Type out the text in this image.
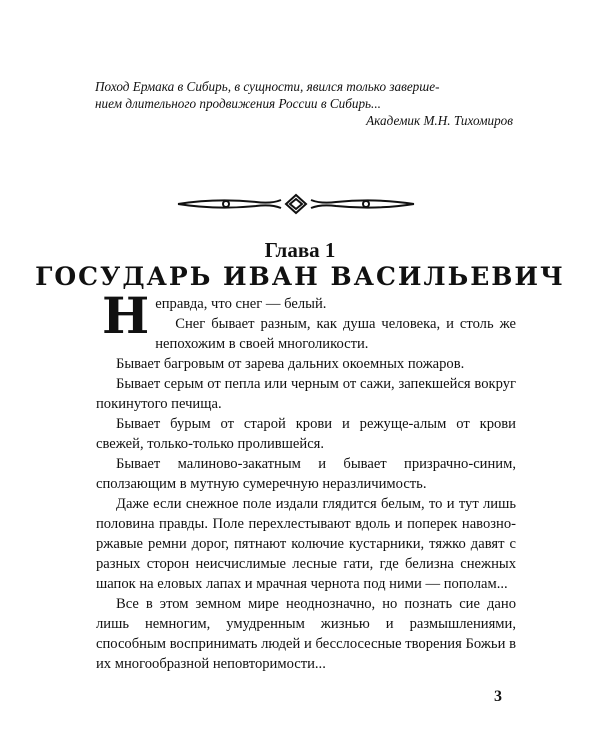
Поход Ермака в Сибирь, в сущности, явился только заверше-
нием длительного продвижения России в Сибирь...
Академик М.Н. Тихомиров
Глава 1
ГОСУДАРЬ ИВАН ВАСИЛЬЕВИЧ

Неправда, что снег — белый.

Снег бывает разным, как душа человека, и столь же непохожим в своей многоликости.

Бывает багровым от зарева дальних окоемных пожаров.

Бывает серым от пепла или черным от сажи, запекшейся вокруг покинутого печища.

Бывает бурым от старой крови и режуще-алым от крови свежей, только-только пролившейся.

Бывает малиново-закатным и бывает призрачно-синим, сползающим в мутную сумеречную неразличимость.

Даже если снежное поле издали глядится белым, то и тут лишь половина правды. Поле перехлестывают вдоль и поперек навозно-ржавые ремни дорог, пятнают колючие кустарники, тяжко давят с разных сторон неисчислимые лесные гати, где белизна снежных шапок на еловых лапах и мрачная чернота под ними — пополам...

Все в этом земном мире неоднозначно, но познать сие дано лишь немногим, умудренным жизнью и размышлениями, способным воспринимать людей и бесслосесные творения Божьи в их многообразной неповторимости...

3
